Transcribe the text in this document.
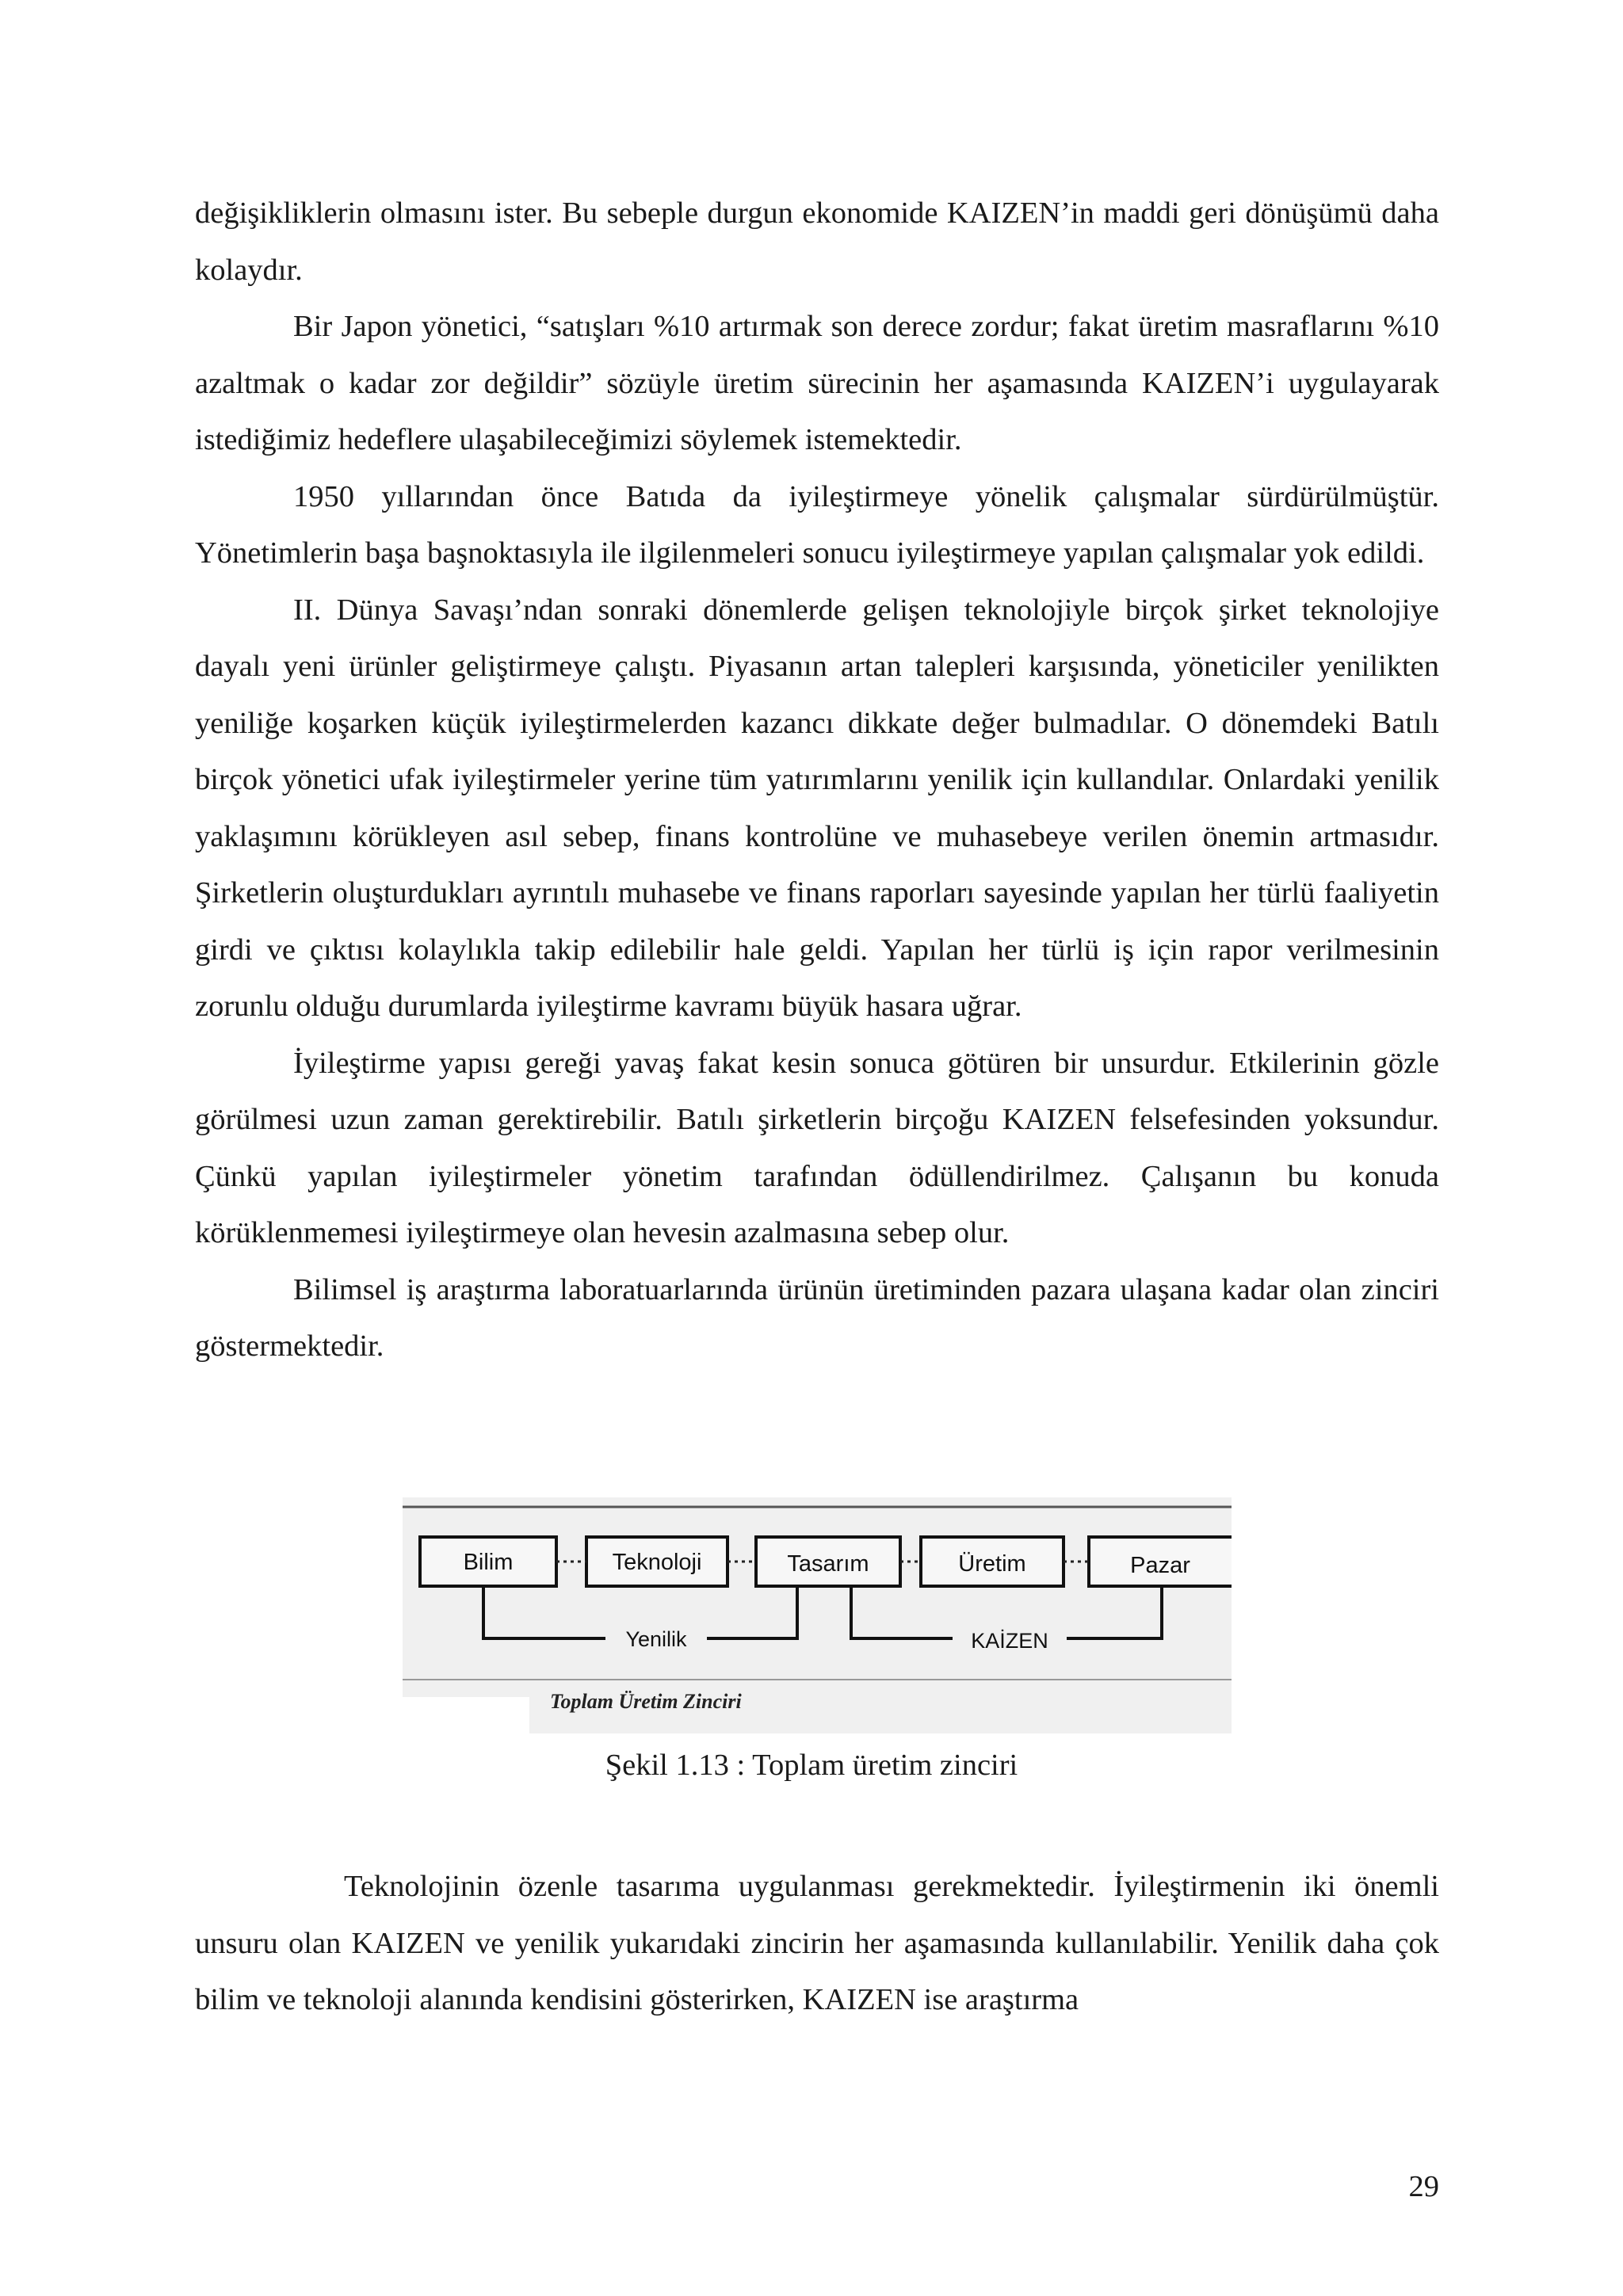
değişikliklerin olmasını ister. Bu sebeple durgun ekonomide KAIZEN’in maddi geri dönüşümü daha kolaydır.

Bir Japon yönetici, “satışları %10 artırmak son derece zordur; fakat üretim masraflarını %10 azaltmak o kadar zor değildir” sözüyle üretim sürecinin her aşamasında KAIZEN’i uygulayarak istediğimiz hedeflere ulaşabileceğimizi söylemek istemektedir.

1950 yıllarından önce Batıda da iyileştirmeye yönelik çalışmalar sürdürülmüştür. Yönetimlerin başa başnoktasıyla ile ilgilenmeleri sonucu iyileştirmeye yapılan çalışmalar yok edildi.

II. Dünya Savaşı’ndan sonraki dönemlerde gelişen teknolojiyle birçok şirket teknolojiye dayalı yeni ürünler geliştirmeye çalıştı. Piyasanın artan talepleri karşısında, yöneticiler yenilikten yeniliğe koşarken küçük iyileştirmelerden kazancı dikkate değer bulmadılar. O dönemdeki Batılı birçok yönetici ufak iyileştirmeler yerine tüm yatırımlarını yenilik için kullandılar. Onlardaki yenilik yaklaşımını körükleyen asıl sebep, finans kontrolüne ve muhasebeye verilen önemin artmasıdır. Şirketlerin oluşturdukları ayrıntılı muhasebe ve finans raporları sayesinde yapılan her türlü faaliyetin girdi ve çıktısı kolaylıkla takip edilebilir hale geldi. Yapılan her türlü iş için rapor verilmesinin zorunlu olduğu durumlarda iyileştirme kavramı büyük hasara uğrar.

İyileştirme yapısı gereği yavaş fakat kesin sonuca götüren bir unsurdur. Etkilerinin gözle görülmesi uzun zaman gerektirebilir. Batılı şirketlerin birçoğu KAIZEN felsefesinden yoksundur. Çünkü yapılan iyileştirmeler yönetim tarafından ödüllendirilmez. Çalışanın bu konuda körüklenmemesi iyileştirmeye olan hevesin azalmasına sebep olur.

Bilimsel iş araştırma laboratuarlarında ürünün üretiminden pazara ulaşana kadar olan zinciri göstermektedir.

Bilim	Teknoloji	Tasarım	Üretim	Pazar
Yenilik	KAİZEN
Toplam Üretim Zinciri
Şekil 1.13 : Toplam üretim zinciri

Teknolojinin özenle tasarıma uygulanması gerekmektedir. İyileştirmenin iki önemli unsuru olan KAIZEN ve yenilik yukarıdaki zincirin her aşamasında kullanılabilir. Yenilik daha çok bilim ve teknoloji alanında kendisini gösterirken, KAIZEN ise araştırma

29
